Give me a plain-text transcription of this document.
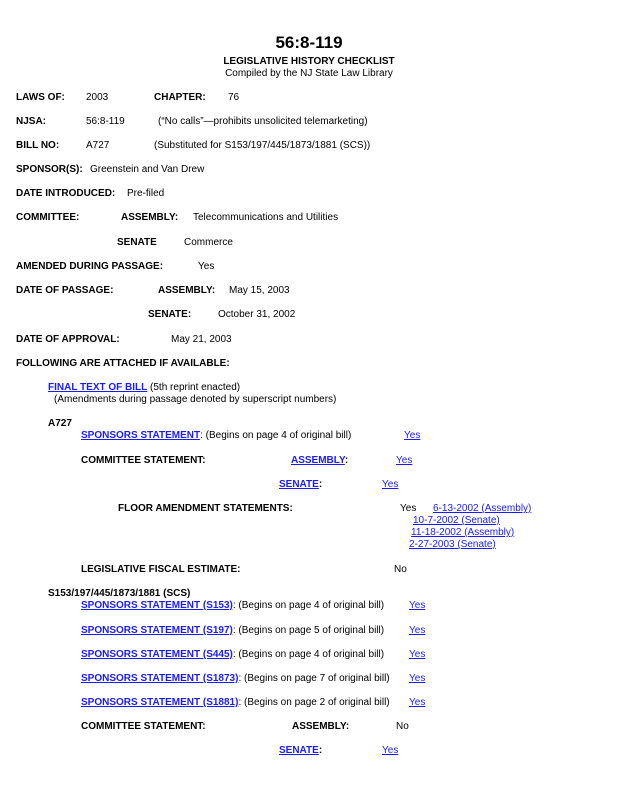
56:8-119
LEGISLATIVE HISTORY CHECKLIST
Compiled by the NJ State Law Library
LAWS OF: 2003	CHAPTER: 76
NJSA:	56:8-119	(“No calls”—prohibits unsolicited telemarketing)
BILL NO:	A727	(Substituted for S153/197/445/1873/1881 (SCS))
SPONSOR(S): Greenstein and Van Drew
DATE INTRODUCED: Pre-filed
COMMITTEE:	ASSEMBLY: Telecommunications and Utilities
SENATE	Commerce
AMENDED DURING PASSAGE:	Yes
DATE OF PASSAGE:	ASSEMBLY: May 15, 2003
SENATE:	October 31, 2002
DATE OF APPROVAL:	May 21, 2003
FOLLOWING ARE ATTACHED IF AVAILABLE:
FINAL TEXT OF BILL (5th reprint enacted)
(Amendments during passage denoted by superscript numbers)
A727
SPONSORS STATEMENT: (Begins on page 4 of original bill)	Yes
COMMITTEE STATEMENT:	ASSEMBLY:	Yes
SENATE:	Yes
FLOOR AMENDMENT STATEMENTS:	Yes 6-13-2002 (Assembly)
10-7-2002 (Senate)
11-18-2002 (Assembly)
2-27-2003 (Senate)
LEGISLATIVE FISCAL ESTIMATE:	No
S153/197/445/1873/1881 (SCS)
SPONSORS STATEMENT (S153): (Begins on page 4 of original bill) Yes
SPONSORS STATEMENT (S197): (Begins on page 5 of original bill) Yes
SPONSORS STATEMENT (S445): (Begins on page 4 of original bill) Yes
SPONSORS STATEMENT (S1873): (Begins on page 7 of original bill) Yes
SPONSORS STATEMENT (S1881): (Begins on page 2 of original bill) Yes
COMMITTEE STATEMENT:	ASSEMBLY:	No
SENATE:	Yes
